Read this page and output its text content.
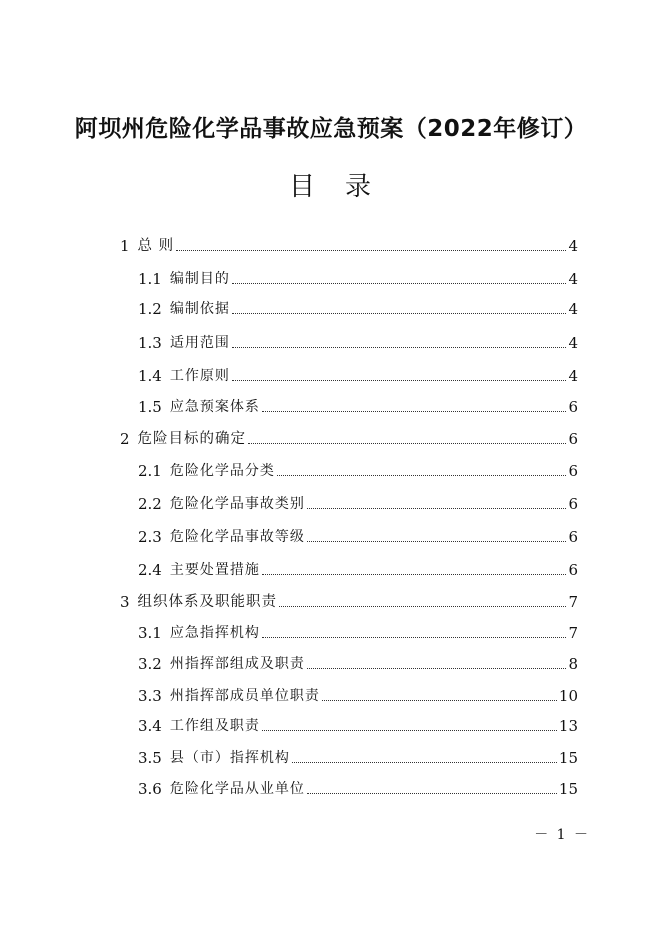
阿坝州危险化学品事故应急预案（2022年修订）
目 录
1 总 则	4
1.1 编制目的	4
1.2 编制依据	4
1.3 适用范围	4
1.4 工作原则	4
1.5 应急预案体系	6
2 危险目标的确定	6
2.1 危险化学品分类	6
2.2 危险化学品事故类别	6
2.3 危险化学品事故等级	6
2.4 主要处置措施	6
3 组织体系及职能职责	7
3.1 应急指挥机构	7
3.2 州指挥部组成及职责	8
3.3 州指挥部成员单位职责	10
3.4 工作组及职责	13
3.5 县（市）指挥机构	15
3.6 危险化学品从业单位	15
－ 1 －
